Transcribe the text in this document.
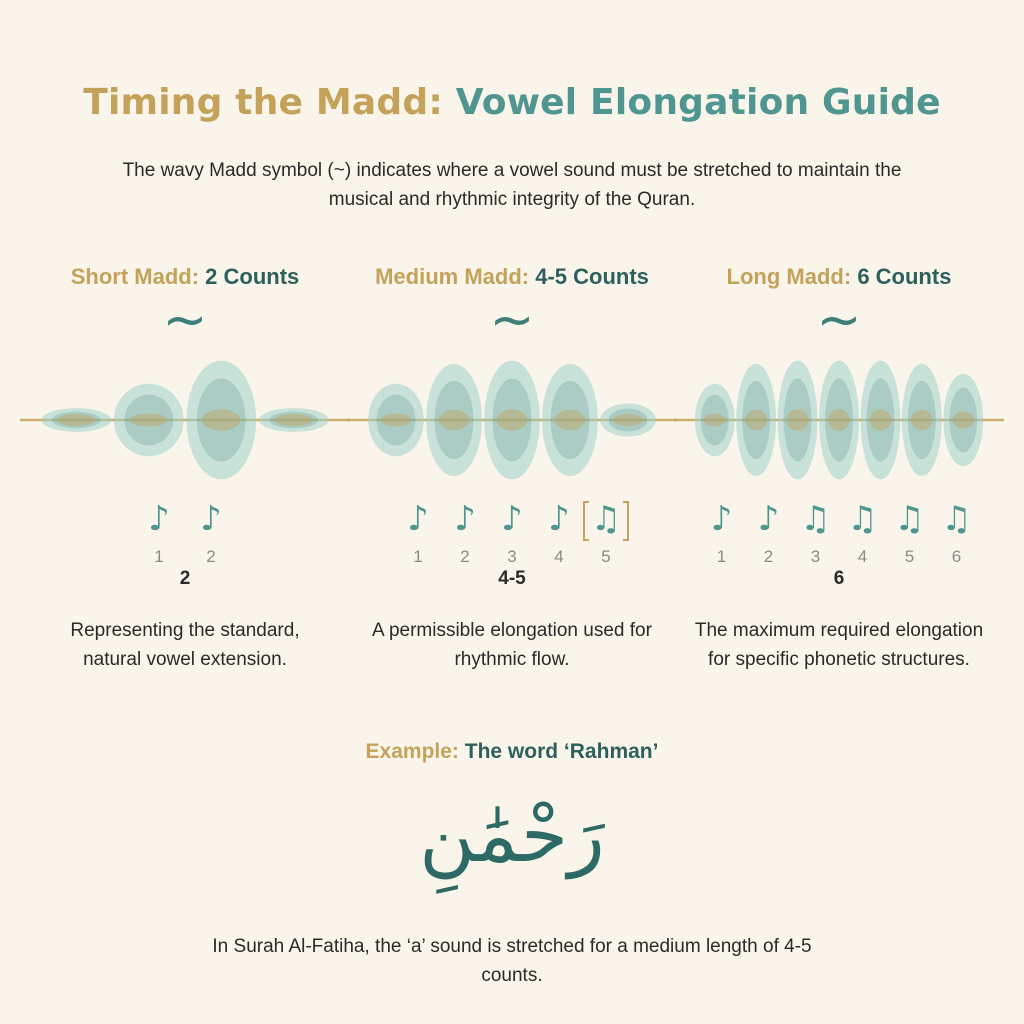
Timing the Madd: Vowel Elongation Guide
The wavy Madd symbol (~) indicates where a vowel sound must be stretched to maintain the musical and rhythmic integrity of the Quran.
Short Madd: 2 Counts
~
♪
1
♪
2
2
Representing the standard, natural vowel extension.
Medium Madd: 4-5 Counts
~
♪
1
♪
2
♪
3
♪
4
♫
5
4-5
A permissible elongation used for rhythmic flow.
Long Madd: 6 Counts
~
♪
1
♪
2
♫
3
♫
4
♫
5
♫
6
6
The maximum required elongation for specific phonetic structures.
Example: The word ‘Rahman’
رَحْمَٰنِ
In Surah Al-Fatiha, the ‘a’ sound is stretched for a medium length of 4-5 counts.
